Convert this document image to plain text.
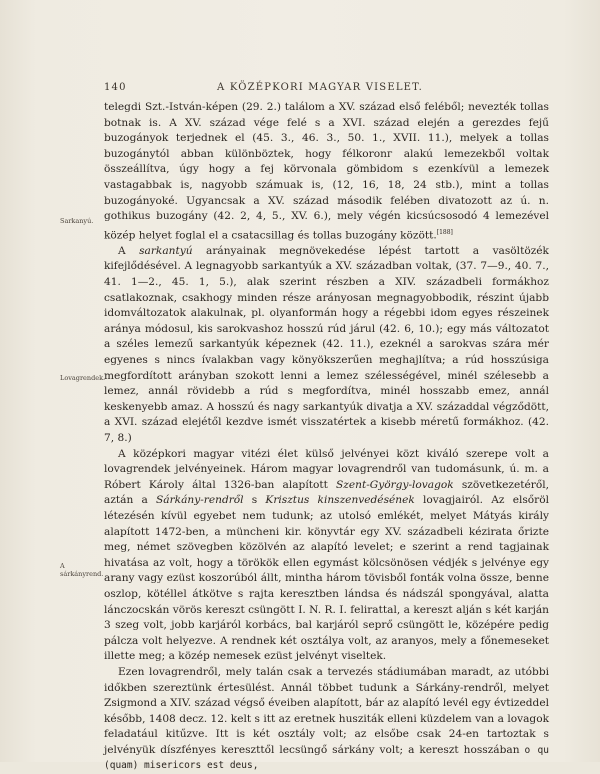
140	A KÖZÉPKORI MAGYAR VISELET.
Sarkanyú.
Lovagrendek.
A sárkányrend.

telegdi Szt.-István-képen (29. 2.) találom a XV. század első feléből; nevezték tollas botnak is. A XV. század vége felé s a XVI. század elején a gerezdes fejű buzogányok terjednek el (45. 3., 46. 3., 50. 1., XVII. 11.), melyek a tollas buzogánytól abban különböztek, hogy félkoronг alakú lemezekből voltak összeállítva, úgy hogy a fej körvonala gömbidom s ezenkívül a lemezek vastagabbak is, nagyobb számuak is, (12, 16, 18, 24 stb.), mint a tollas buzogányoké. Ugyancsak a XV. század második felében divatozott az ú. n. gothikus buzogány (42. 2, 4, 5., XV. 6.), mely végén kicsúcsosodó 4 lemezével közép helyet foglal el a csatacsillag és tollas buzogány között.[188]

A sarkantyú arányainak megnövekedése lépést tartott a vasöltözék kifejlődésével. A legnagyobb sarkantyúk a XV. században voltak, (37. 7—9., 40. 7., 41. 1—2., 45. 1, 5.), alak szerint részben a XIV. századbeli formákhoz csatlakoznak, csakhogy minden része arányosan megnagyobbodik, részint újabb idomváltozatok alakulnak, pl. olyanformán hogy a régebbi idom egyes részeinek aránya módosul, kis sarokvashoz hosszú rúd járul (42. 6, 10.); egy más változatot a széles lemezű sarkantyúk képeznek (42. 11.), ezeknél a sarokvas szára mér egyenes s nincs ívalakban vagy könyökszerűen meghajlítva; a rúd hosszúsiga megfordított arányban szokott lenni a lemez szélességével, minél szélesebb a lemez, annál rövidebb a rúd s megfordítva, minél hosszabb emez, annál keskenyebb amaz. A hosszú és nagy sarkantyúk divatja a XV. századdal végződött, a XVI. század elejétől kezdve ismét visszatértek a kisebb méretű formákhoz. (42. 7, 8.)

A középkori magyar vitézi élet külső jelvényei közt kiváló szerepe volt a lovagrendek jelvényeinek. Három magyar lovagrendről van tudomásunk, ú. m. a Róbert Károly által 1326-ban alapított Szent-György-lovagok szövetkezetéről, aztán a Sárkány-rendről s Krisztus kinszenvedésének lovagjairól. Az elsőröl létezésén kívül egyebet nem tudunk; az utolsó emlékét, melyet Mátyás király alapított 1472-ben, a müncheni kir. könyvtár egy XV. századbeli kézirata őrizte meg, német szövegben közölvén az alapító levelet; e szerint a rend tagjainak hivatása az volt, hogy a törökök ellen egymást kölcsönösen védjék s jelvénye egy arany vagy ezüst koszorúból állt, mintha három tövisből fonták volna össze, benne oszlop, kötéllel átkötve s rajta keresztben lándsa és nádszál spongyával, alatta lánczocskán vörös kereszt csüngött I. N. R. I. felirattal, a kereszt alján s két karján 3 szeg volt, jobb karjáról korbács, bal karjáról seprő csüngött le, középére pedig pálcza volt helyezve. A rendnek két osztálya volt, az aranyos, mely a főnemeseket illette meg; a közép nemesek ezüst jelvényt viseltek.

Ezen lovagrendről, mely talán csak a tervezés stádiumában maradt, az utóbbi időkben szereztünk értesülést. Annál többet tudunk a Sárkány-rendről, melyet Zsigmond a XIV. század végső éveiben alapított, bár az alapító levél egy évtizeddel később, 1408 decz. 12. kelt s itt az eretnek husziták elleni küzdelem van a lovagok feladatául kitűzve. Itt is két osztály volt; az elsőbe csak 24-en tartoztak s jelvényük díszfényes kereszttől lecsüngő sárkány volt; a kereszt hosszában o qu (quam) misericors est deus,
